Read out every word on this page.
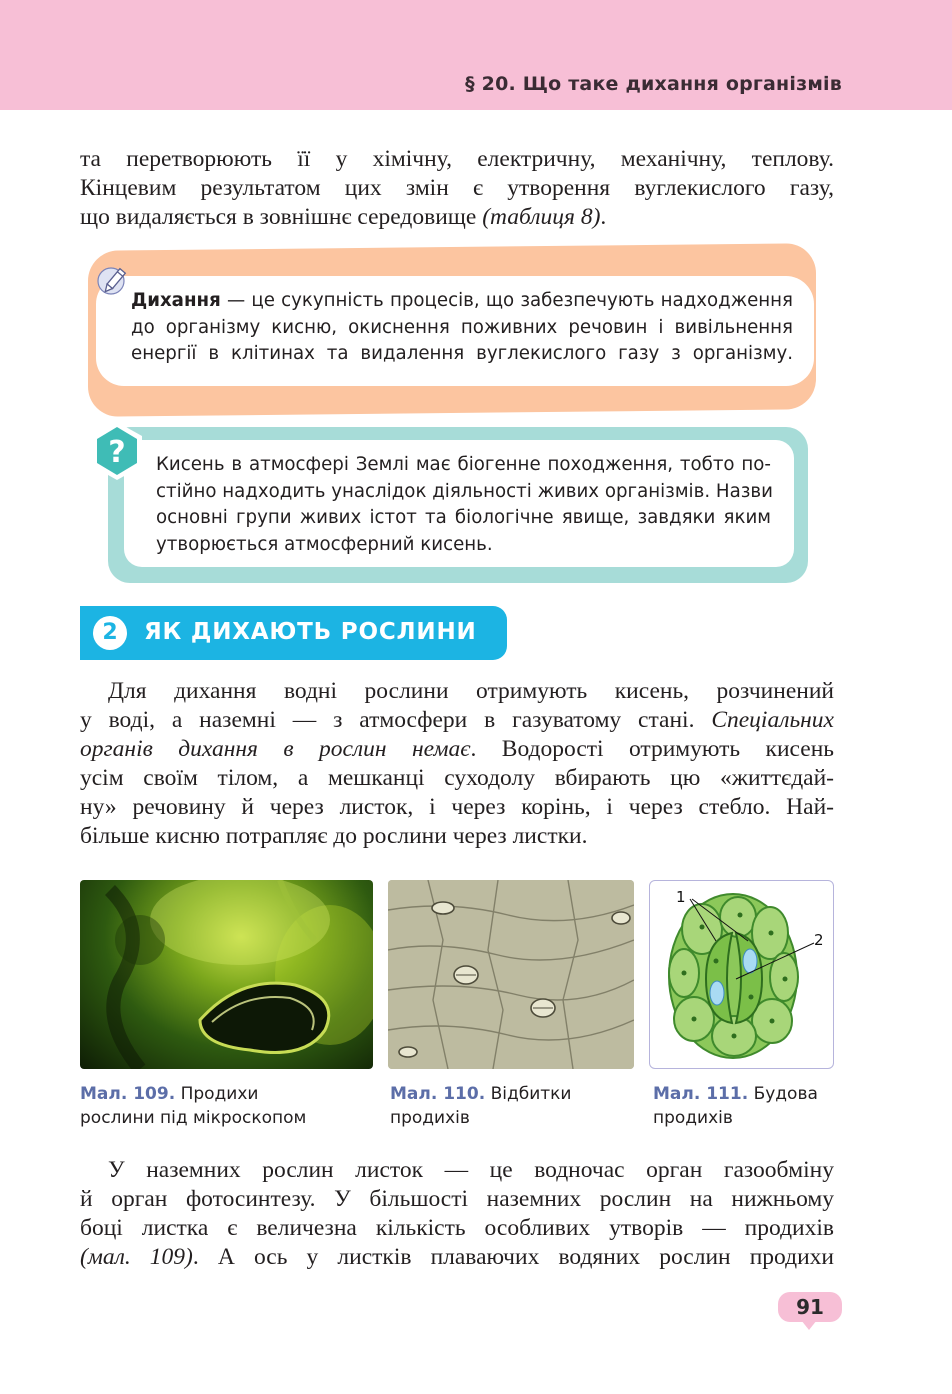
§ 20. Що таке дихання організмів
та перетворюють її у хімічну, електричну, механічну, теплову.
Кінцевим результатом цих змін є утворення вуглекислого газу,
що видаляється в зовнішнє середовище (таблиця 8).
Дихання — це сукупність процесів, що забезпечують надходження
до організму кисню, окиснення поживних речовин і вивільнення
енергії в клітинах та видалення вуглекислого газу з організму.
? Кисень в атмосфері Землі має біогенне походження, тобто по-
стійно надходить унаслідок діяльності живих організмів. Назви
основні групи живих істот та біологічне явище, завдяки яким
утворюється атмосферний кисень.
2	ЯК ДИХАЮТЬ РОСЛИНИ
Для дихання водні рослини отримують кисень, розчинений
у воді, а наземні — з атмосфери в газуватому стані. Спеціальних
органів дихання в рослин немає. Водорості отримують кисень
усім своїм тілом, а мешканці суходолу вбирають цю «життєдай-
ну» речовину й через листок, і через корінь, і через стебло. Най-
більше кисню потрапляє до рослини через листки.
1
2
Мал. 109. Продихи
рослини під мікроскопом
Мал. 110. Відбитки
продихів
Мал. 111. Будова
продихів
У наземних рослин листок — це водночас орган газообміну
й орган фотосинтезу. У більшості наземних рослин на нижньому
боці листка є величезна кількість особливих утворів — продихів
(мал. 109). А ось у листків плаваючих водяних рослин продихи
91
